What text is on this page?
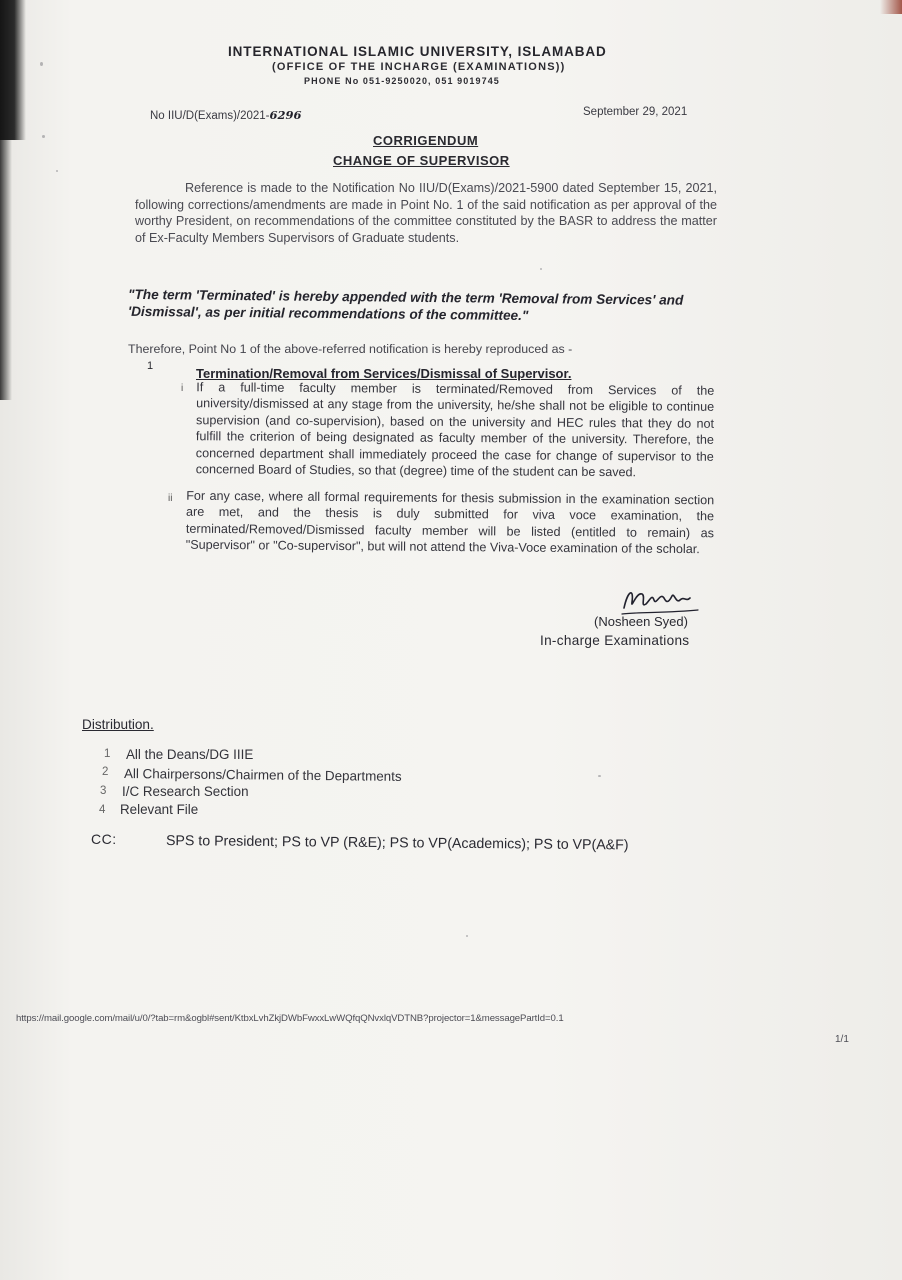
INTERNATIONAL ISLAMIC UNIVERSITY, ISLAMABAD
(OFFICE OF THE INCHARGE (EXAMINATIONS))
PHONE No 051-9250020, 051 9019745
No IIU/D(Exams)/2021-6296	September 29, 2021
CORRIGENDUM
CHANGE OF SUPERVISOR
Reference is made to the Notification No IIU/D(Exams)/2021-5900 dated September 15, 2021, following corrections/amendments are made in Point No. 1 of the said notification as per approval of the worthy President, on recommendations of the committee constituted by the BASR to address the matter of Ex-Faculty Members Supervisors of Graduate students.
"The term 'Terminated' is hereby appended with the term 'Removal from Services' and 'Dismissal', as per initial recommendations of the committee."
Therefore, Point No 1 of the above-referred notification is hereby reproduced as -
1	Termination/Removal from Services/Dismissal of Supervisor.
i If a full-time faculty member is terminated/Removed from Services of the university/dismissed at any stage from the university, he/she shall not be eligible to continue supervision (and co-supervision), based on the university and HEC rules that they do not fulfill the criterion of being designated as faculty member of the university. Therefore, the concerned department shall immediately proceed the case for change of supervisor to the concerned Board of Studies, so that (degree) time of the student can be saved.
ii For any case, where all formal requirements for thesis submission in the examination section are met, and the thesis is duly submitted for viva voce examination, the terminated/Removed/Dismissed faculty member will be listed (entitled to remain) as "Supervisor" or "Co-supervisor", but will not attend the Viva-Voce examination of the scholar.
(Nosheen Syed)
In-charge Examinations
Distribution.
1 All the Deans/DG IIIE
2 All Chairpersons/Chairmen of the Departments
3 I/C Research Section
4 Relevant File
CC:	SPS to President; PS to VP (R&E); PS to VP(Academics); PS to VP(A&F)
https://mail.google.com/mail/u/0/?tab=rm&ogbl#sent/KtbxLvhZkjDWbFwxxLwWQfqQNvxlqVDTNB?projector=1&messagePartId=0.1
1/1
